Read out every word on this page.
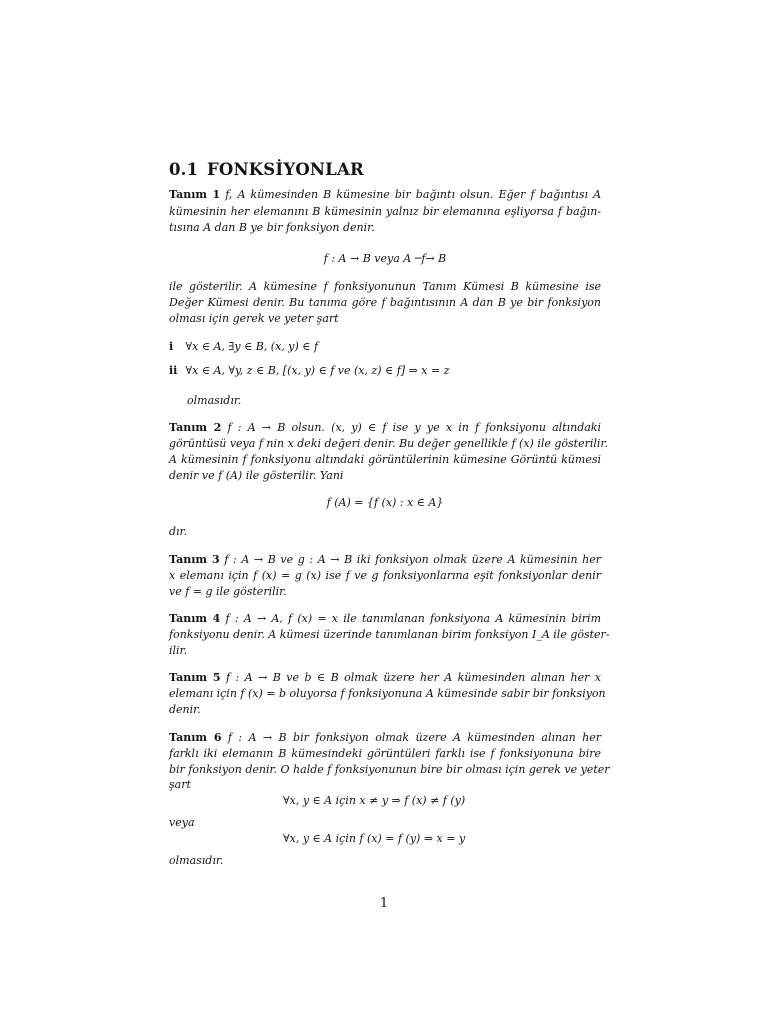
0.1 FONKSİYONLAR
Tanım 1 f, A kümesinden B kümesine bir bağıntı olsun. Eğer f bağıntısı A
kümesinin her elemanını B kümesinin yalnız bir elemanına eşliyorsa f bağın-
tısına A dan B ye bir fonksiyon denir.
f : A → B veya A ─f→ B
ile gösterilir. A kümesine f fonksiyonunun Tanım Kümesi B kümesine ise
Değer Kümesi denir. Bu tanıma göre f bağıntısının A dan B ye bir fonksiyon
olması için gerek ve yeter şart
i ∀x ∈ A, ∃y ∈ B, (x, y) ∈ f
ii ∀x ∈ A, ∀y, z ∈ B, [(x, y) ∈ f ve (x, z) ∈ f] ⇒ x = z
olmasıdır.
Tanım 2 f : A → B olsun. (x, y) ∈ f ise y ye x in f fonksiyonu altındaki
görüntüsü veya f nin x deki değeri denir. Bu değer genellikle f (x) ile gösterilir.
A kümesinin f fonksiyonu altındaki görüntülerinin kümesine Görüntü kümesi
denir ve f (A) ile gösterilir. Yani
f (A) = {f (x) : x ∈ A}
dır.
Tanım 3 f : A → B ve g : A → B iki fonksiyon olmak üzere A kümesinin her
x elemanı için f (x) = g (x) ise f ve g fonksiyonlarına eşit fonksiyonlar denir
ve f = g ile gösterilir.
Tanım 4 f : A → A, f (x) = x ile tanımlanan fonksiyona A kümesinin birim
fonksiyonu denir. A kümesi üzerinde tanımlanan birim fonksiyon I_A ile göster-
ilir.
Tanım 5 f : A → B ve b ∈ B olmak üzere her A kümesinden alınan her x
elemanı için f (x) = b oluyorsa f fonksiyonuna A kümesinde sabir bir fonksiyon
denir.
Tanım 6 f : A → B bir fonksiyon olmak üzere A kümesinden alınan her
farklı iki elemanın B kümesindeki görüntüleri farklı ise f fonksiyonuna bire
bir fonksiyon denir. O halde f fonksiyonunun bire bir olması için gerek ve yeter
şart
∀x, y ∈ A için x ≠ y ⇒ f (x) ≠ f (y)
veya
∀x, y ∈ A için f (x) = f (y) ⇒ x = y
olmasıdır.
1
